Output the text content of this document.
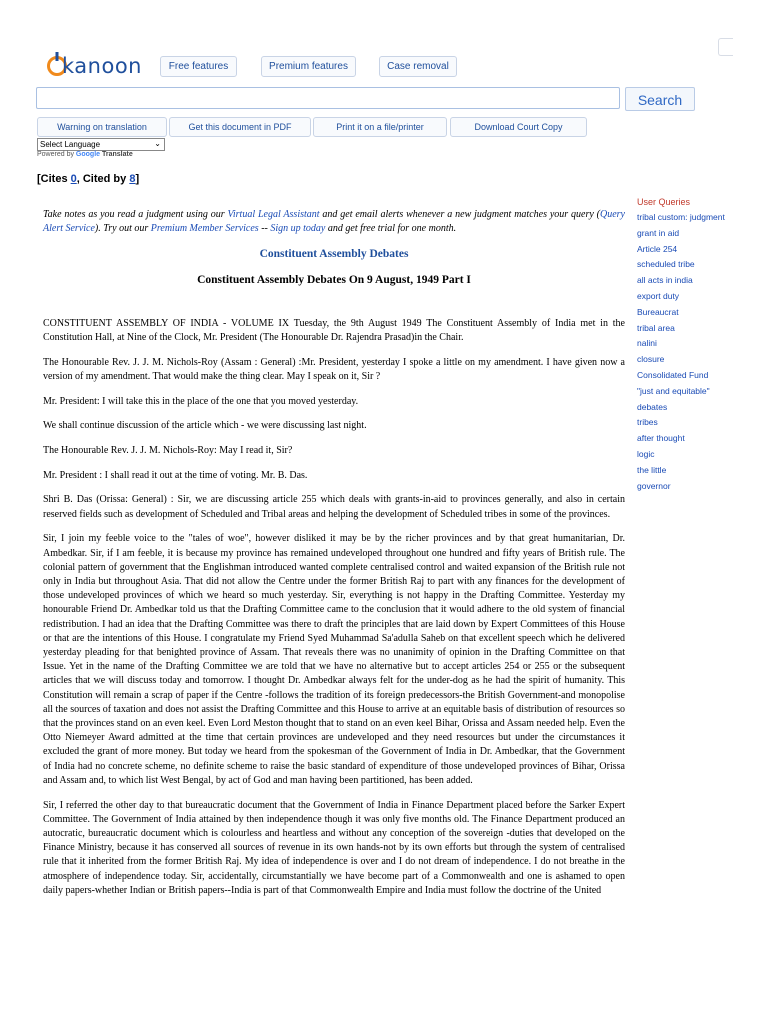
kanoon	Free features	Premium features	Case removal
Search
Warning on translation	Get this document in PDF	Print it on a file/printer	Download Court Copy
Select Language	⌄
Powered by Google Translate
[Cites 0, Cited by 8]

Take notes as you read a judgment using our Virtual Legal Assistant and get email alerts whenever a new judgment matches your query (Query Alert Service). Try out our Premium Member Services -- Sign up today and get free trial for one month.

Constituent Assembly Debates

Constituent Assembly Debates On 9 August, 1949 Part I

CONSTITUENT ASSEMBLY OF INDIA - VOLUME IX Tuesday, the 9th August 1949 The Constituent Assembly of India met in the Constitution Hall, at Nine of the Clock, Mr. President (The Honourable Dr. Rajendra Prasad)in the Chair.

The Honourable Rev. J. J. M. Nichols-Roy (Assam : General) :Mr. President, yesterday I spoke a little on my amendment. I have given now a version of my amendment. That would make the thing clear. May I speak on it, Sir ?

Mr. President: I will take this in the place of the one that you moved yesterday.

We shall continue discussion of the article which - we were discussing last night.

The Honourable Rev. J. J. M. Nichols-Roy: May I read it, Sir?

Mr. President : I shall read it out at the time of voting. Mr. B. Das.

Shri B. Das (Orissa: General) : Sir, we are discussing article 255 which deals with grants-in-aid to provinces generally, and also in certain reserved fields such as development of Scheduled and Tribal areas and helping the development of Scheduled tribes in some of the provinces.

Sir, I join my feeble voice to the "tales of woe", however disliked it may be by the richer provinces and by that great humanitarian, Dr. Ambedkar. Sir, if I am feeble, it is because my province has remained undeveloped throughout one hundred and fifty years of British rule. The colonial pattern of government that the Englishman introduced wanted complete centralised control and waited expansion of the British rule not only in India but throughout Asia. That did not allow the Centre under the former British Raj to part with any finances for the development of those undeveloped provinces of which we heard so much yesterday. Sir, everything is not happy in the Drafting Committee. Yesterday my honourable Friend Dr. Ambedkar told us that the Drafting Committee came to the conclusion that it would adhere to the old system of financial redistribution. I had an idea that the Drafting Committee was there to draft the principles that are laid down by Expert Committees of this House or that are the intentions of this House. I congratulate my Friend Syed Muhammad Sa'adulla Saheb on that excellent speech which he delivered yesterday pleading for that benighted province of Assam. That reveals there was no unanimity of opinion in the Drafting Committee on that Issue. Yet in the name of the Drafting Committee we are told that we have no alternative but to accept articles 254 or 255 or the subsequent articles that we will discuss today and tomorrow. I thought Dr. Ambedkar always felt for the under-dog as he had the spirit of humanity. This Constitution will remain a scrap of paper if the Centre -follows the tradition of its foreign predecessors-the British Government-and monopolise all the sources of taxation and does not assist the Drafting Committee and this House to arrive at an equitable basis of distribution of resources so that the provinces stand on an even keel. Even Lord Meston thought that to stand on an even keel Bihar, Orissa and Assam needed help. Even the Otto Niemeyer Award admitted at the time that certain provinces are undeveloped and they need resources but under the circumstances it excluded the grant of more money. But today we heard from the spokesman of the Government of India in Dr. Ambedkar, that the Government of India had no concrete scheme, no definite scheme to raise the basic standard of expenditure of those undeveloped provinces of Bihar, Orissa and Assam and, to which list West Bengal, by act of God and man having been partitioned, has been added.

Sir, I referred the other day to that bureaucratic document that the Government of India in Finance Department placed before the Sarker Expert Committee. The Government of India attained by then independence though it was only five months old. The Finance Department produced an autocratic, bureaucratic document which is colourless and heartless and without any conception of the sovereign -duties that developed on the Finance Ministry, because it has conserved all sources of revenue in its own hands-not by its own efforts but through the system of centralised rule that it inherited from the former British Raj. My idea of independence is over and I do not dream of independence. I do not breathe in the atmosphere of independence today. Sir, accidentally, circumstantially we have become part of a Commonwealth and one is ashamed to open daily papers-whether Indian or British papers--India is part of that Commonwealth Empire and India must follow the doctrine of the United

User Queries
tribal custom: judgment
grant in aid
Article 254
scheduled tribe
all acts in india
export duty
Bureaucrat
tribal area
nalini
closure
Consolidated Fund
"just and equitable"
debates
tribes
after thought
logic
the little
governor
